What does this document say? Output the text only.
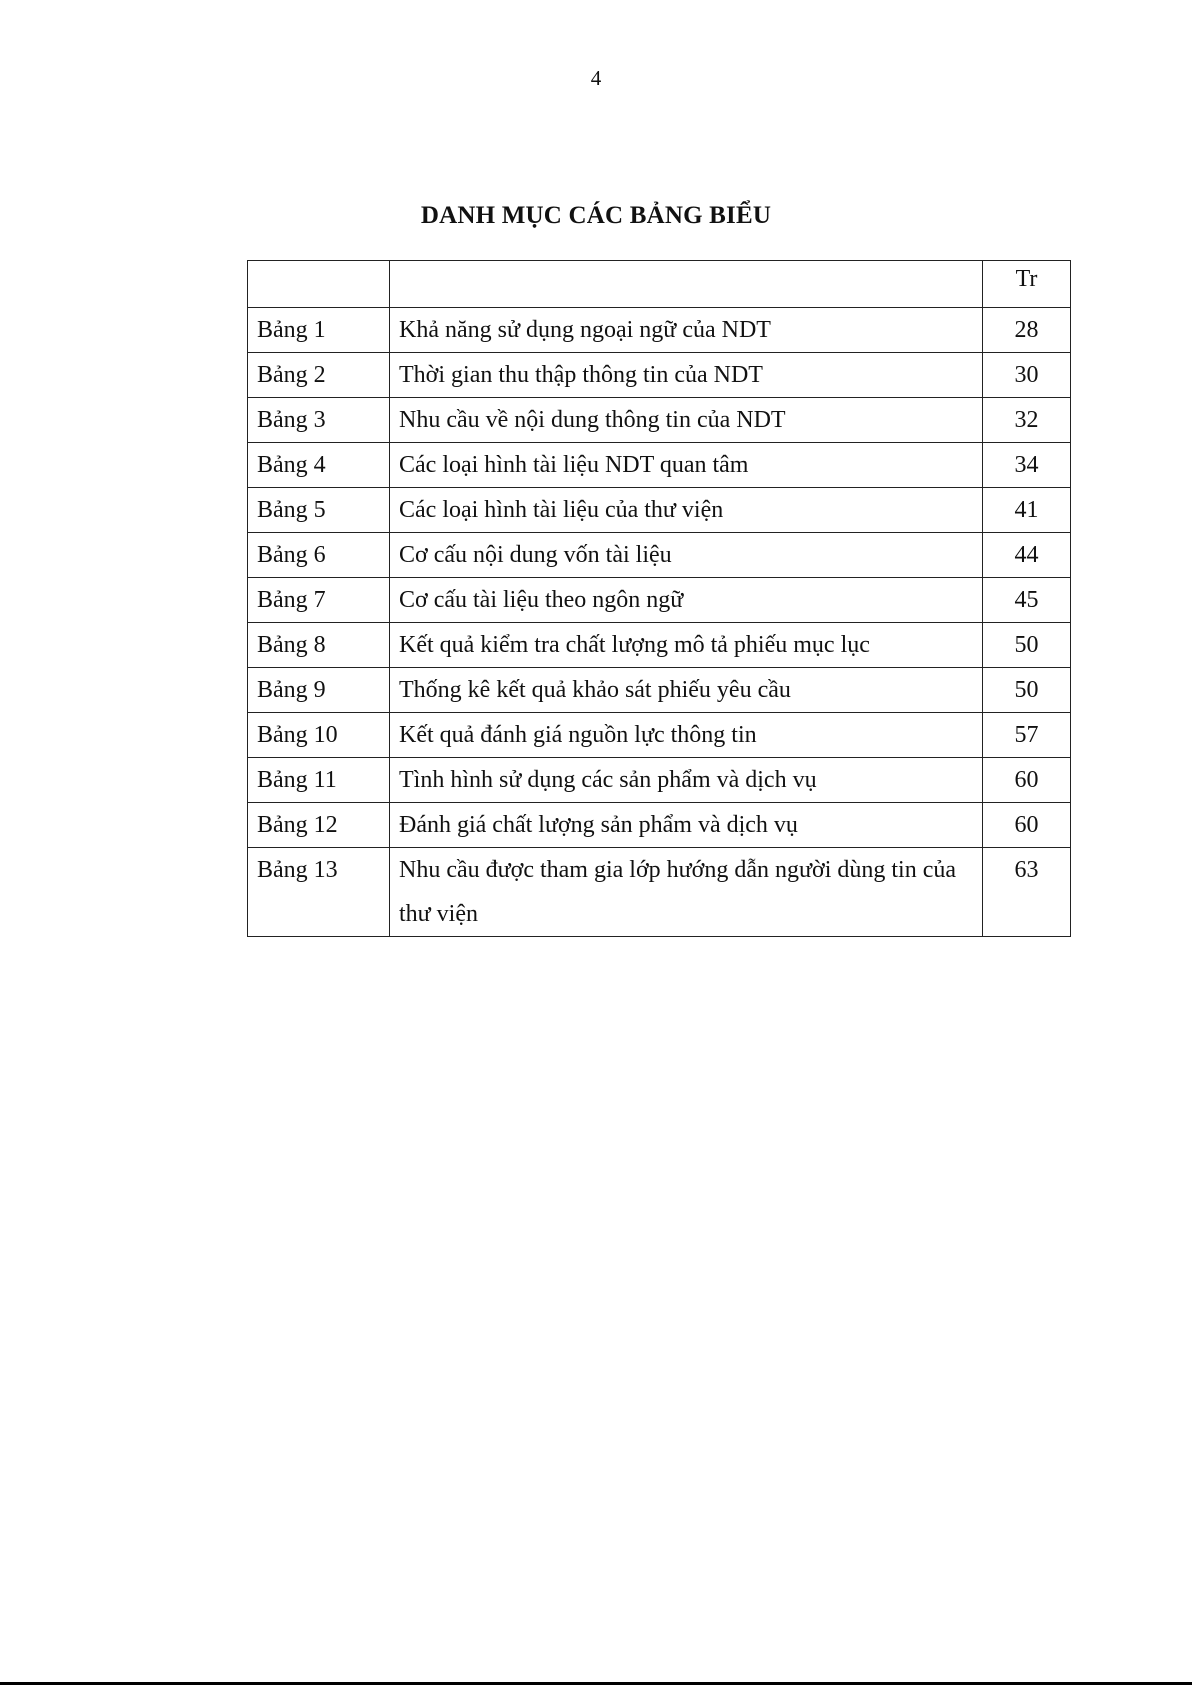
4
DANH MỤC CÁC BẢNG BIỂU
		Tr
Bảng 1	Khả năng sử dụng ngoại ngữ của NDT	28
Bảng 2	Thời gian thu thập thông tin của NDT	30
Bảng 3	Nhu cầu về nội dung thông tin của NDT	32
Bảng 4	Các loại hình tài liệu NDT quan tâm	34
Bảng 5	Các loại hình tài liệu của thư viện	41
Bảng 6	Cơ cấu nội dung vốn tài liệu	44
Bảng 7	Cơ cấu tài liệu theo ngôn ngữ	45
Bảng 8	Kết quả kiểm tra chất lượng mô tả phiếu mục lục	50
Bảng 9	Thống kê kết quả khảo sát phiếu yêu cầu	50
Bảng 10	Kết quả đánh giá nguồn lực thông tin	57
Bảng 11	Tình hình sử dụng các sản phẩm và dịch vụ	60
Bảng 12	Đánh giá chất lượng sản phẩm và dịch vụ	60
Bảng 13	Nhu cầu được tham gia lớp hướng dẫn người dùng tin của thư viện	63
